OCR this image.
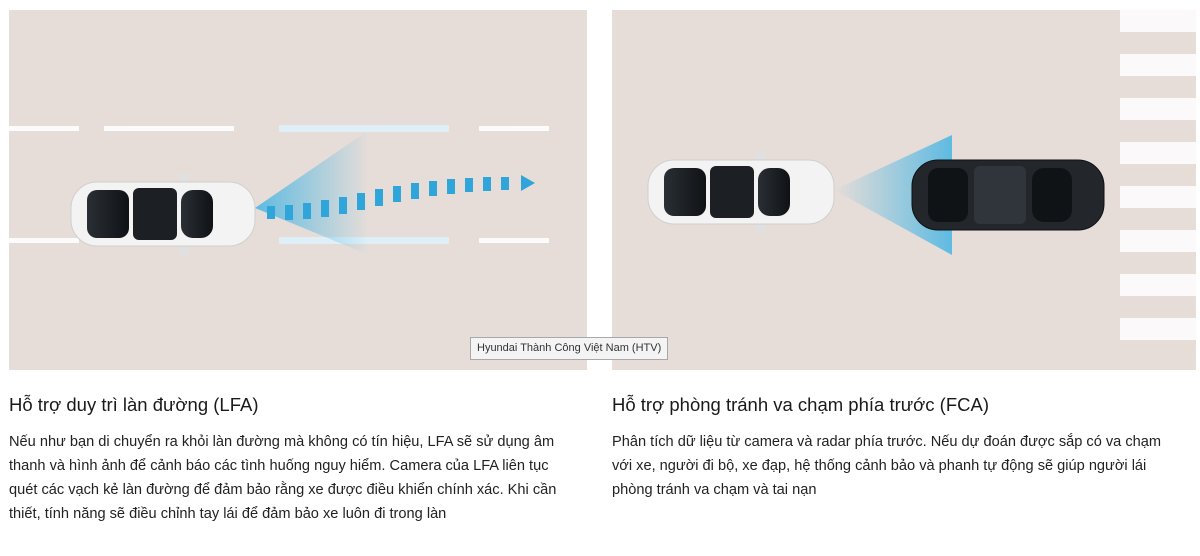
Hỗ trợ duy trì làn đường (LFA)
Nếu như bạn di chuyển ra khỏi làn đường mà không có tín hiệu, LFA sẽ sử dụng âm thanh và hình ảnh để cảnh báo các tình huống nguy hiểm. Camera của LFA liên tục quét các vạch kẻ làn đường để đảm bảo rằng xe được điều khiển chính xác. Khi cần thiết, tính năng sẽ điều chỉnh tay lái để đảm bảo xe luôn đi trong làn
Hỗ trợ phòng tránh va chạm phía trước (FCA)
Phân tích dữ liệu từ camera và radar phía trước. Nếu dự đoán được sắp có va chạm với xe, người đi bộ, xe đạp, hệ thống cảnh bảo và phanh tự động sẽ giúp người lái phòng tránh va chạm và tai nạn
Hyundai Thành Công Việt Nam (HTV)
